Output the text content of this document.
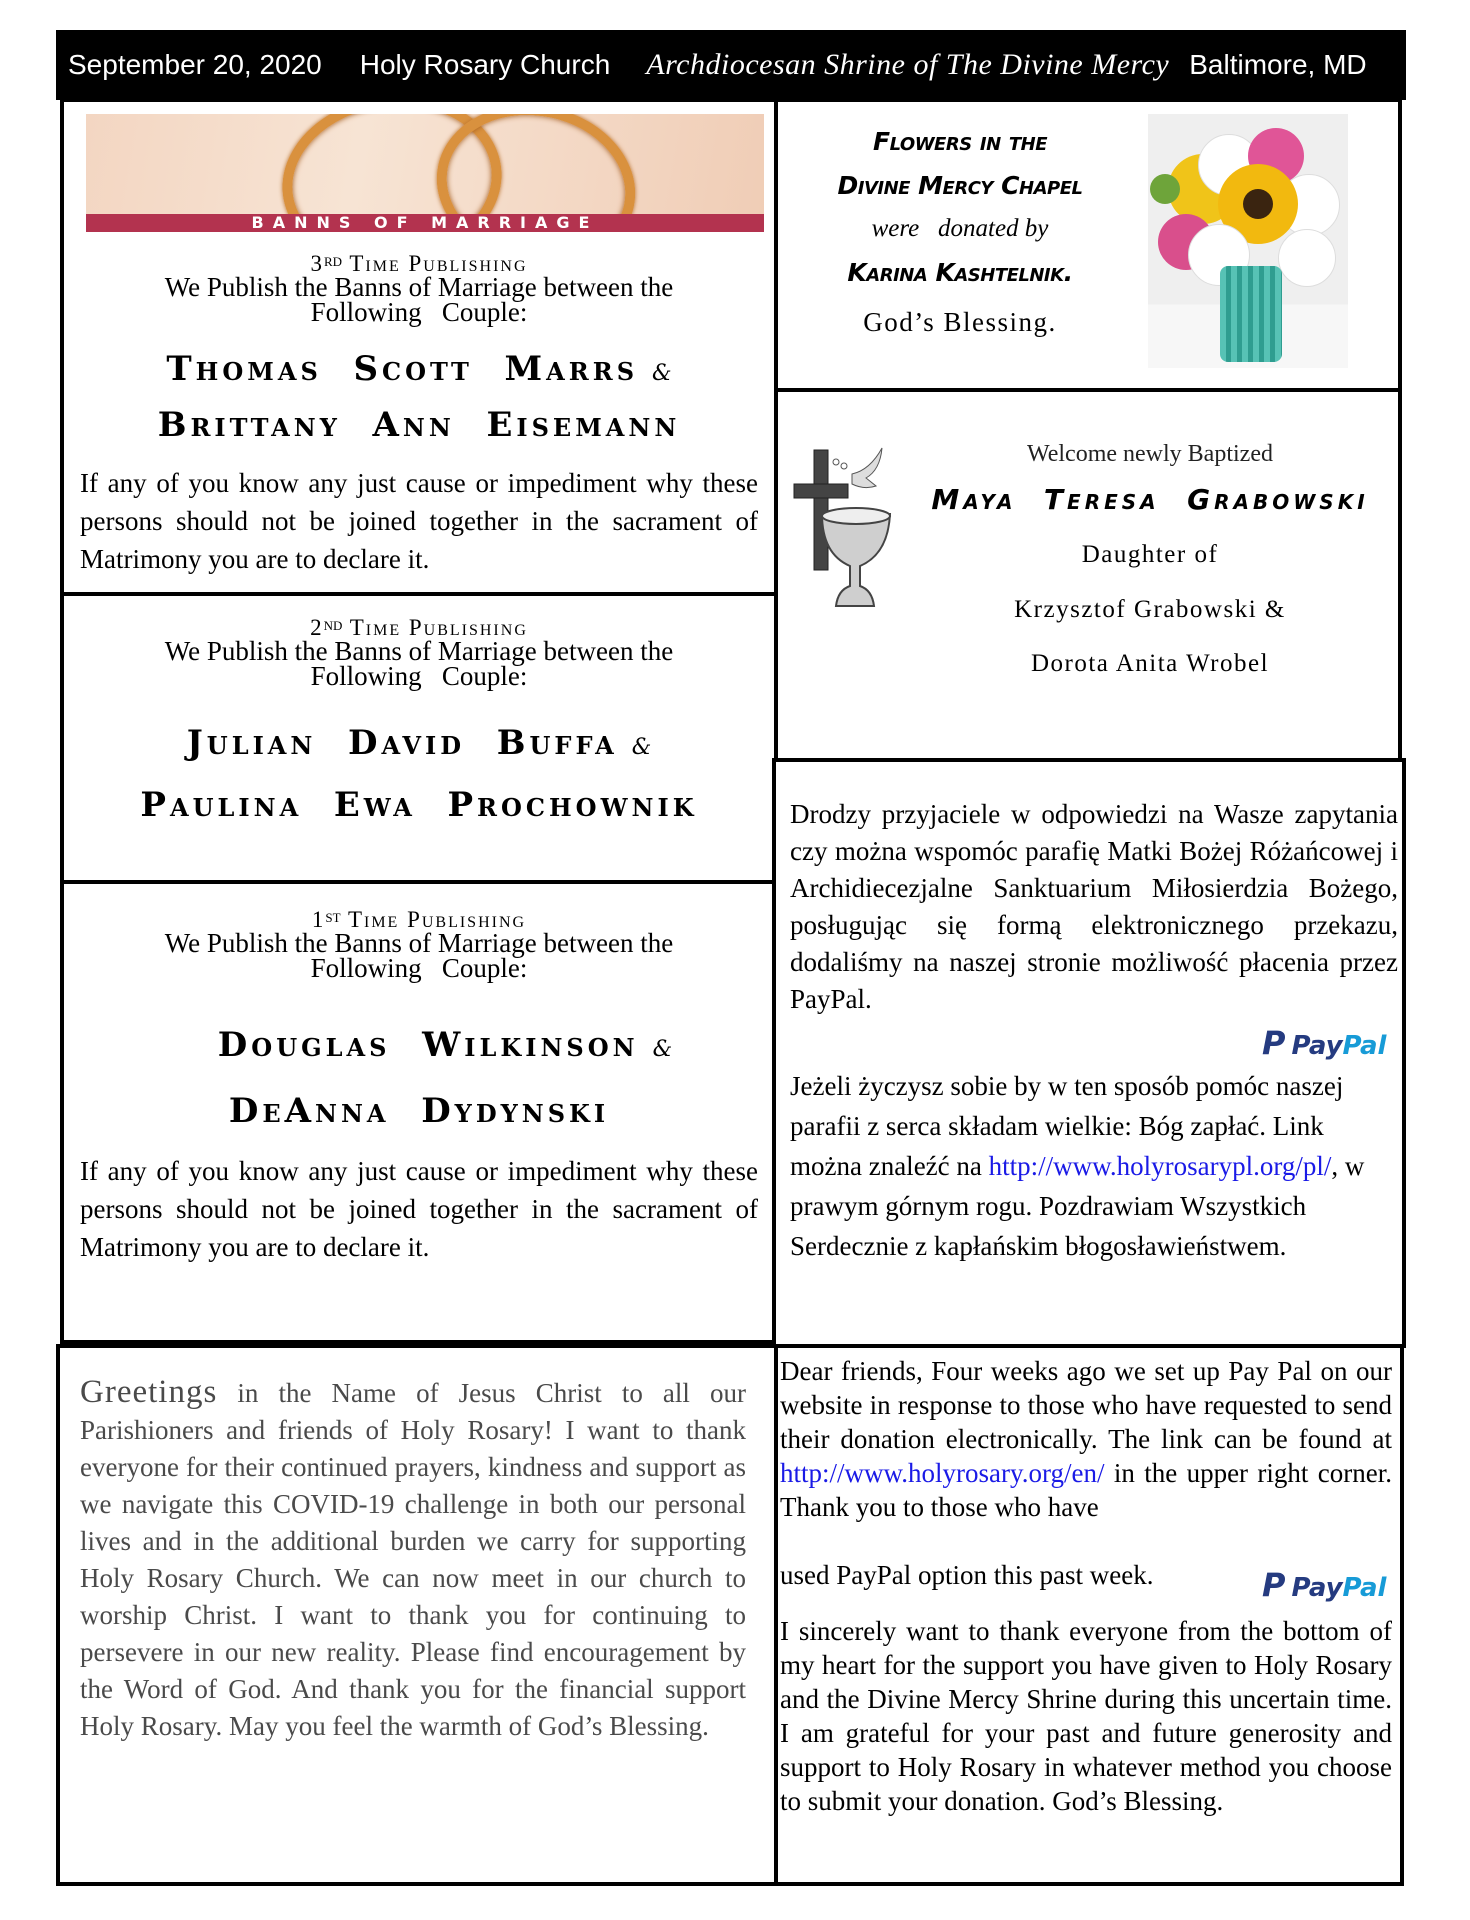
September 20, 2020 Holy Rosary Church Archdiocesan Shrine of The Divine Mercy Baltimore, MD
BANNS OF MARRIAGE
3RD Time Publishing
We Publish the Banns of Marriage between the
Following   Couple:
Thomas  Scott  Marrs &
Brittany  Ann  Eisemann
If any of you know any just cause or impediment why these persons should not be joined together in the sacrament of Matrimony you are to declare it.
2ND Time Publishing
We Publish the Banns of Marriage between the
Following   Couple:
Julian  David  Buffa &
Paulina  Ewa  Prochownik
1ST Time Publishing
We Publish the Banns of Marriage between the
Following   Couple:
Douglas  Wilkinson &
DeAnna  Dydynski
If any of you know any just cause or impediment why these persons should not be joined together in the sacrament of Matrimony you are to declare it.
Greetings in the Name of Jesus Christ to all our Parishioners and friends of Holy Rosary! I want to thank everyone for their continued prayers, kindness and support as we navigate this COVID-19 challenge in both our personal lives and in the additional burden we carry for supporting Holy Rosary Church. We can now meet in our church to worship Christ. I want to thank you for continuing to persevere in our new reality. Please find encouragement by the Word of God. And thank you for the financial support Holy Rosary. May you feel the warmth of God’s Blessing.
Flowers in the
Divine Mercy Chapel
were   donated by
Karina Kashtelnik.
God’s Blessing.
Welcome newly Baptized
Maya  Teresa  Grabowski
Daughter of
Krzysztof Grabowski &
Dorota Anita Wrobel
Drodzy przyjaciele w odpowiedzi na Wasze zapytania czy można wspomóc parafię Matki Bożej Różańcowej i Archidiecezjalne Sanktuarium Miłosierdzia Bożego, posługując się formą elektronicznego przekazu, dodaliśmy na naszej stronie możliwość płacenia przez PayPal.
P PayPal
Jeżeli życzysz sobie by w ten sposób pomóc naszej parafii z serca składam wielkie: Bóg zapłać. Link można znaleźć na http://www.holyrosarypl.org/pl/, w prawym górnym rogu. Pozdrawiam Wszystkich Serdecznie z kapłańskim błogosławieństwem.
Dear friends, Four weeks ago we set up Pay Pal on our website in response to those who have requested to send their donation electronically. The link can be found at http://www.holyrosary.org/en/ in the upper right corner. Thank you to those who have
used PayPal option this past week.	P PayPal
I sincerely want to thank everyone from the bottom of my heart for the support you have given to Holy Rosary and the Divine Mercy Shrine during this uncertain time. I am grateful for your past and future generosity and support to Holy Rosary in whatever method you choose to submit your donation. God’s Blessing.
